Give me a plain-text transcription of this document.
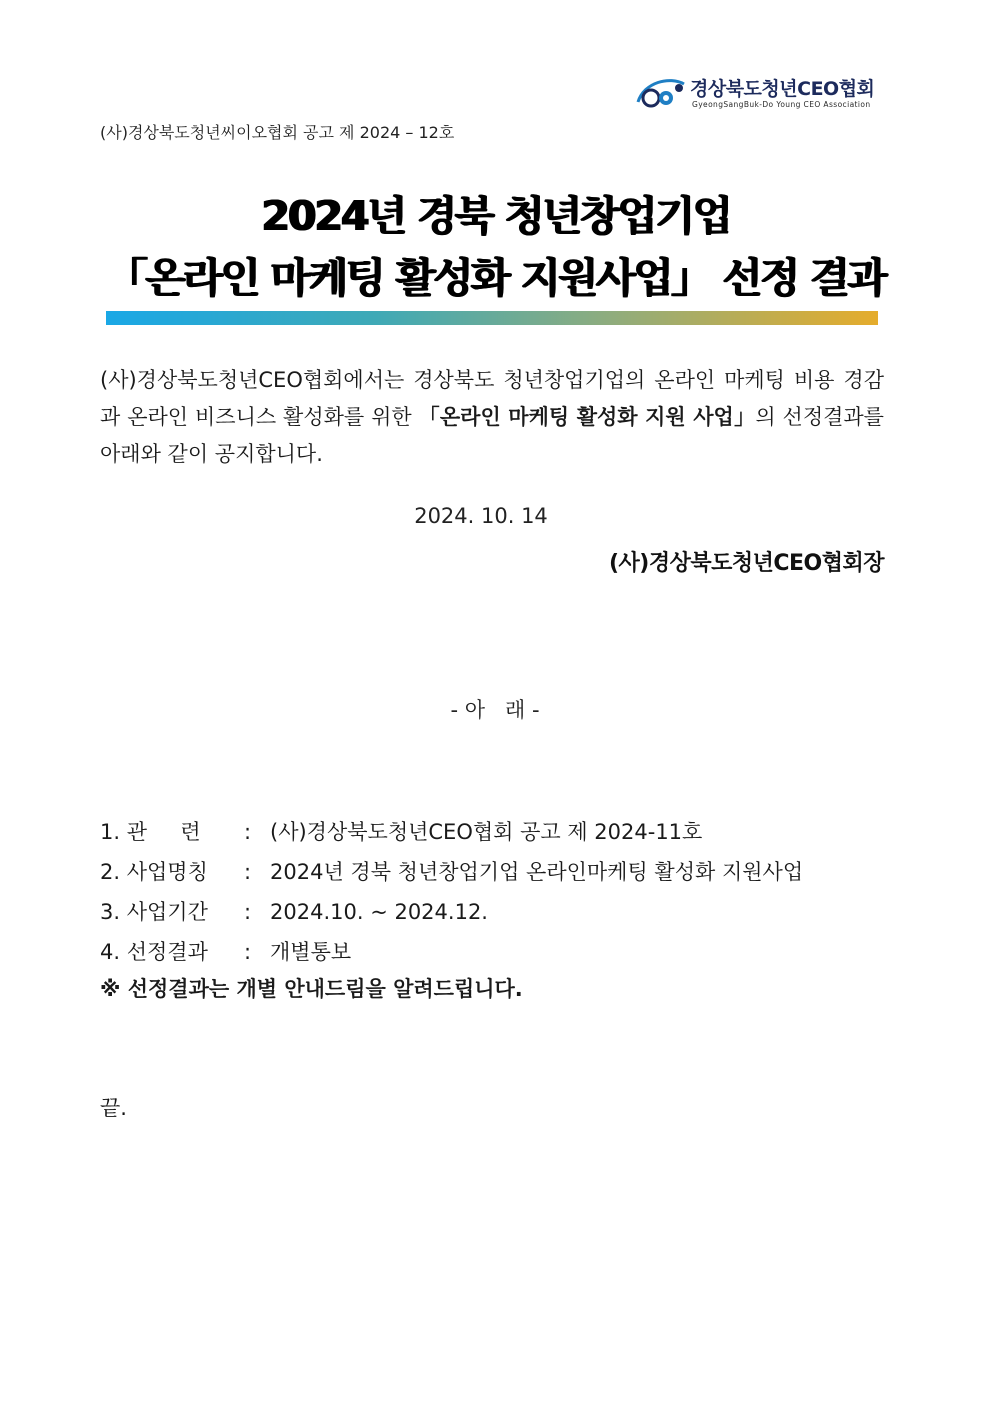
경상북도청년CEO협회
GyeongSangBuk-Do Young CEO Association
(사)경상북도청년씨이오협회 공고 제 2024 – 12호
2024년 경북 청년창업기업
「온라인 마케팅 활성화 지원사업」 선정 결과
(사)경상북도청년CEO협회에서는 경상북도 청년창업기업의 온라인 마케팅 비용 경감과 온라인 비즈니스 활성화를 위한 「온라인 마케팅 활성화 지원 사업」의 선정결과를 아래와 같이 공지합니다.
2024. 10. 14
(사)경상북도청년CEO협회장
- 아   래 -
1. 관     련 : (사)경상북도청년CEO협회 공고 제 2024-11호
2. 사업명칭 : 2024년 경북 청년창업기업 온라인마케팅 활성화 지원사업
3. 사업기간 : 2024.10. ~ 2024.12.
4. 선정결과 : 개별통보
※ 선정결과는 개별 안내드림을 알려드립니다.
끝.
